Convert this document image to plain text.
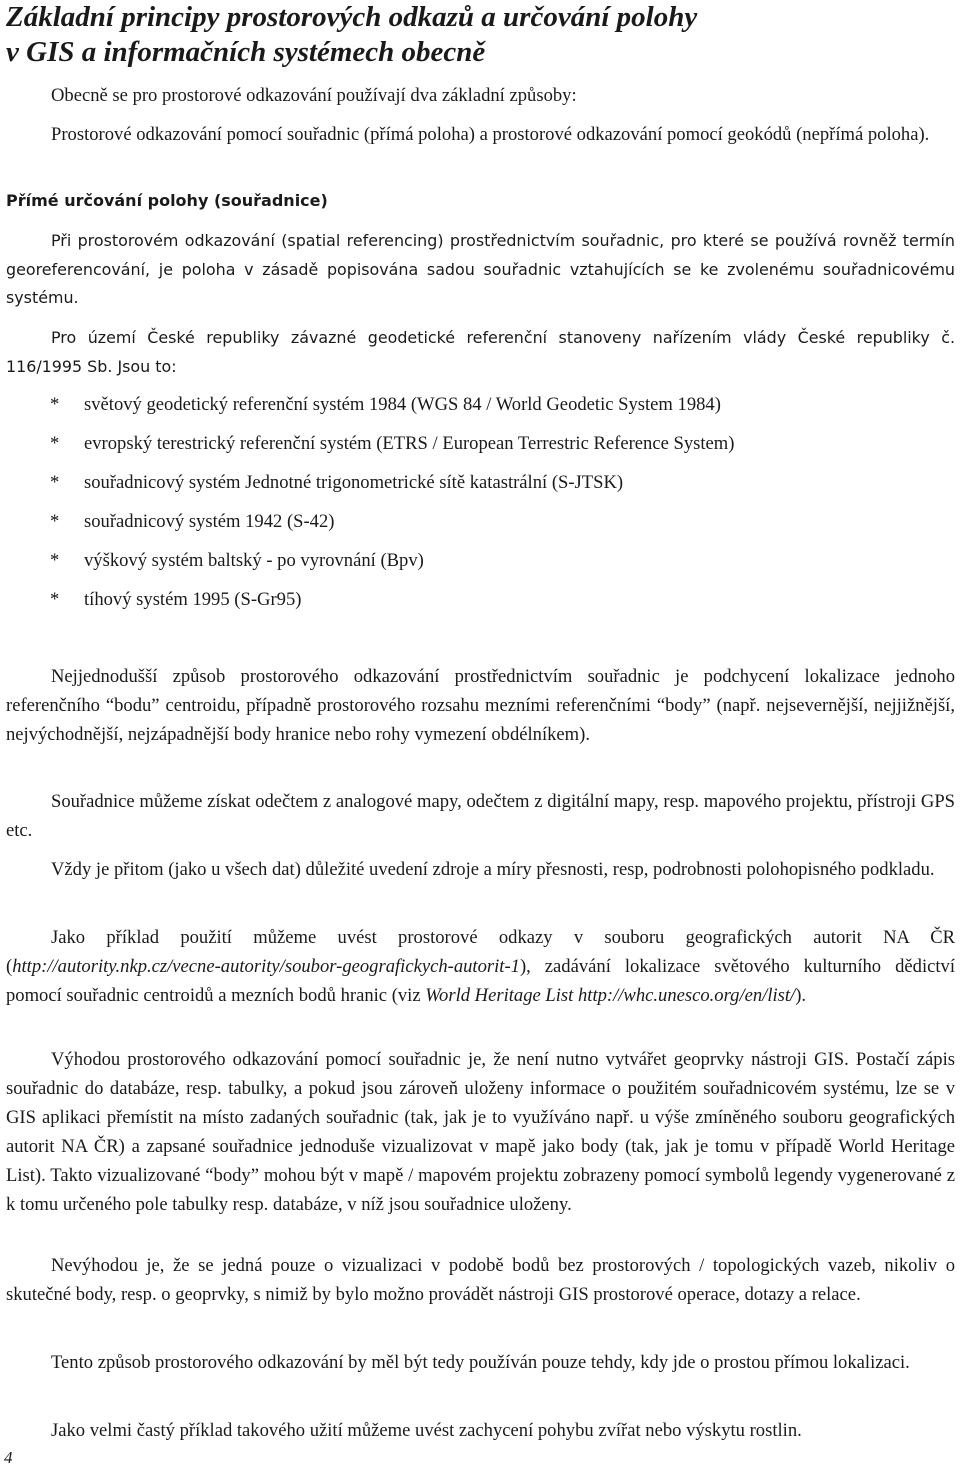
Základní principy prostorových odkazů a určování polohy
v GIS a informačních systémech obecně

Obecně se pro prostorové odkazování používají dva základní způsoby:

Prostorové odkazování pomocí souřadnic (přímá poloha) a prostorové odkazování pomocí geokódů (nepřímá poloha).

Přímé určování polohy (souřadnice)

Při prostorovém odkazování (spatial referencing) prostřednictvím souřadnic, pro které se používá rovněž termín georeferencování, je poloha v zásadě popisována sadou souřadnic vztahujících se ke zvolenému souřadnicovému systému.

Pro území České republiky závazné geodetické referenční stanoveny nařízením vlády České republiky č. 116/1995 Sb. Jsou to:

* světový geodetický referenční systém 1984 (WGS 84 / World Geodetic System 1984)
* evropský terestrický referenční systém (ETRS / European Terrestric Reference System)
* souřadnicový systém Jednotné trigonometrické sítě katastrální (S-JTSK)
* souřadnicový systém 1942 (S-42)
* výškový systém baltský - po vyrovnání (Bpv)
* tíhový systém 1995 (S-Gr95)

Nejjednodušší způsob prostorového odkazování prostřednictvím souřadnic je podchycení lokalizace jednoho referenčního “bodu” centroidu, případně prostorového rozsahu mezními referenčními “body” (např. nejsevernější, nejjižnější, nejvýchodnější, nejzápadnější body hranice nebo rohy vymezení obdélníkem).

Souřadnice můžeme získat odečtem z analogové mapy, odečtem z digitální mapy, resp. mapového projektu, přístroji GPS etc.

Vždy je přitom (jako u všech dat) důležité uvedení zdroje a míry přesnosti, resp, podrobnosti polohopisného podkladu.

Jako příklad použití můžeme uvést prostorové odkazy v souboru geografických autorit NA ČR (http://autority.nkp.cz/vecne-autority/soubor-geografickych-autorit-1), zadávání lokalizace světového kulturního dědictví pomocí souřadnic centroidů a mezních bodů hranic (viz World Heritage List http://whc.unesco.org/en/list/).

Výhodou prostorového odkazování pomocí souřadnic je, že není nutno vytvářet geoprvky nástroji GIS. Postačí zápis souřadnic do databáze, resp. tabulky, a pokud jsou zároveň uloženy informace o použitém souřadnicovém systému, lze se v GIS aplikaci přemístit na místo zadaných souřadnic (tak, jak je to využíváno např. u výše zmíněného souboru geografických autorit NA ČR) a zapsané souřadnice jednoduše vizualizovat v mapě jako body (tak, jak je tomu v případě World Heritage List). Takto vizualizované “body” mohou být v mapě / mapovém projektu zobrazeny pomocí symbolů legendy vygenerované z k tomu určeného pole tabulky resp. databáze, v níž jsou souřadnice uloženy.

Nevýhodou je, že se jedná pouze o vizualizaci v podobě bodů bez prostorových / topologických vazeb, nikoliv o skutečné body, resp. o geoprvky, s nimiž by bylo možno provádět nástroji GIS prostorové operace, dotazy a relace.

Tento způsob prostorového odkazování by měl být tedy používán pouze tehdy, kdy jde o prostou přímou lokalizaci.

Jako velmi častý příklad takového užití můžeme uvést zachycení pohybu zvířat nebo výskytu rostlin.

4
